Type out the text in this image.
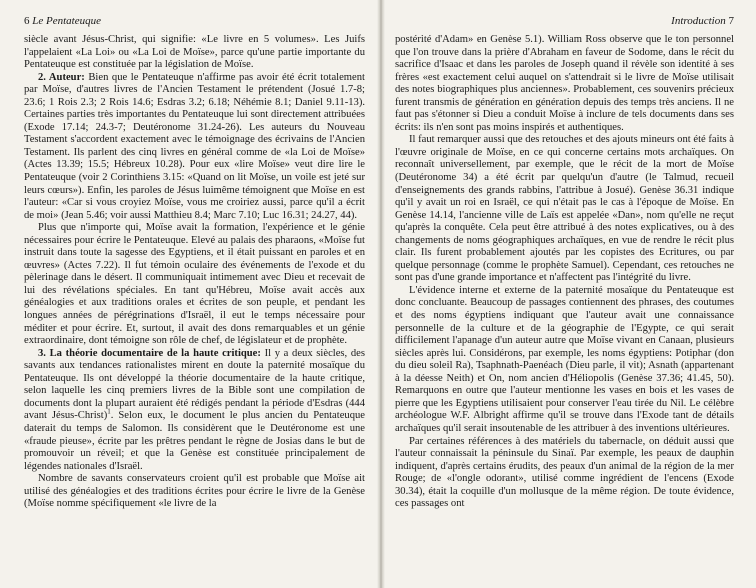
6 Le Pentateuque

siècle avant Jésus-Christ, qui signifie: «Le livre en 5 volumes». Les Juifs l'appelaient «La Loi» ou «La Loi de Moïse», parce qu'une partie importante du Pentateuque est constituée par la législation de Moïse.

2. Auteur: Bien que le Pentateuque n'affirme pas avoir été écrit totalement par Moïse, d'autres livres de l'Ancien Testament le prétendent (Josué 1.7-8; 23.6; 1 Rois 2.3; 2 Rois 14.6; Esdras 3.2; 6.18; Néhémie 8.1; Daniel 9.11-13). Certaines parties très importantes du Pentateuque lui sont directement attribuées (Exode 17.14; 24.3-7; Deutéronome 31.24-26). Les auteurs du Nouveau Testament s'accordent exactement avec le témoignage des écrivains de l'Ancien Testament. Ils parlent des cinq livres en général comme de «la Loi de Moïse» (Actes 13.39; 15.5; Hébreux 10.28). Pour eux «lire Moïse» veut dire lire le Pentateuque (voir 2 Corinthiens 3.15: «Quand on lit Moïse, un voile est jeté sur leurs cœurs»). Enfin, les paroles de Jésus luimême témoignent que Moïse en est l'auteur: «Car si vous croyiez Moïse, vous me croiriez aussi, parce qu'il a écrit de moi» (Jean 5.46; voir aussi Matthieu 8.4; Marc 7.10; Luc 16.31; 24.27, 44).

Plus que n'importe qui, Moïse avait la formation, l'expérience et le génie nécessaires pour écrire le Pentateuque. Elevé au palais des pharaons, «Moïse fut instruit dans toute la sagesse des Egyptiens, et il était puissant en paroles et en œuvres» (Actes 7.22). Il fut témoin oculaire des événements de l'exode et du pèlerinage dans le désert. Il communiquait intimement avec Dieu et recevait de lui des révélations spéciales. En tant qu'Hébreu, Moïse avait accès aux généalogies et aux traditions orales et écrites de son peuple, et pendant les longues années de pérégrinations d'Israël, il eut le temps nécessaire pour méditer et pour écrire. Et, surtout, il avait des dons remarquables et un génie extraordinaire, dont témoigne son rôle de chef, de législateur et de prophète.

3. La théorie documentaire de la haute critique: Il y a deux siècles, des savants aux tendances rationalistes mirent en doute la paternité mosaïque du Pentateuque. Ils ont développé la théorie documentaire de la haute critique, selon laquelle les cinq premiers livres de la Bible sont une compilation de documents dont la plupart auraient été rédigés pendant la période d'Esdras (444 avant Jésus-Christ)$^1$. Selon eux, le document le plus ancien du Pentateuque daterait du temps de Salomon. Ils considèrent que le Deutéronome est une «fraude pieuse», écrite par les prêtres pendant le règne de Josias dans le but de promouvoir un réveil; et que la Genèse est constituée principalement de légendes nationales d'Israël.

Nombre de savants conservateurs croient qu'il est probable que Moïse ait utilisé des généalogies et des traditions écrites pour écrire le livre de la Genèse (Moïse nomme spécifiquement «le livre de la

Introduction 7

postérité d'Adam» en Genèse 5.1). William Ross observe que le ton personnel que l'on trouve dans la prière d'Abraham en faveur de Sodome, dans le récit du sacrifice d'Isaac et dans les paroles de Joseph quand il révèle son identité à ses frères «est exactement celui auquel on s'attendrait si le livre de Moïse utilisait des notes biographiques plus anciennes». Probablement, ces souvenirs précieux furent transmis de génération en génération depuis des temps très anciens. Il ne faut pas s'étonner si Dieu a conduit Moïse à inclure de tels documents dans ses écrits: ils n'en sont pas moins inspirés et authentiques.

Il faut remarquer aussi que des retouches et des ajouts mineurs ont été faits à l'œuvre originale de Moïse, en ce qui concerne certains mots archaïques. On reconnaît universellement, par exemple, que le récit de la mort de Moïse (Deutéronome 34) a été écrit par quelqu'un d'autre (le Talmud, recueil d'enseignements des grands rabbins, l'attribue à Josué). Genèse 36.31 indique qu'il y avait un roi en Israël, ce qui n'était pas le cas à l'époque de Moïse. En Genèse 14.14, l'ancienne ville de Laïs est appelée «Dan», nom qu'elle ne reçut qu'après la conquête. Cela peut être attribué à des notes explicatives, ou à des changements de noms géographiques archaïques, en vue de rendre le récit plus clair. Ils furent probablement ajoutés par les copistes des Ecritures, ou par quelque personnage (comme le prophète Samuel). Cependant, ces retouches ne sont pas d'une grande importance et n'affectent pas l'intégrité du livre.

L'évidence interne et externe de la paternité mosaïque du Pentateuque est donc concluante. Beaucoup de passages contiennent des phrases, des coutumes et des noms égyptiens indiquant que l'auteur avait une connaissance personnelle de la culture et de la géographie de l'Egypte, ce qui serait difficilement l'apanage d'un auteur autre que Moïse vivant en Canaan, plusieurs siècles après lui. Considérons, par exemple, les noms égyptiens: Potiphar (don du dieu soleil Ra), Tsaphnath-Paenéach (Dieu parle, il vit); Asnath (appartenant à la déesse Neith) et On, nom ancien d'Héliopolis (Genèse 37.36; 41.45, 50). Remarquons en outre que l'auteur mentionne les vases en bois et les vases de pierre que les Egyptiens utilisaient pour conserver l'eau tirée du Nil. Le célèbre archéologue W.F. Albright affirme qu'il se trouve dans l'Exode tant de détails archaïques qu'il serait insoutenable de les attribuer à des inventions ultérieures.

Par certaines références à des matériels du tabernacle, on déduit aussi que l'auteur connaissait la péninsule du Sinaï. Par exemple, les peaux de dauphin indiquent, d'après certains érudits, des peaux d'un animal de la région de la mer Rouge; de «l'ongle odorant», utilisé comme ingrédient de l'encens (Exode 30.34), était la coquille d'un mollusque de la même région. De toute évidence, ces passages ont
